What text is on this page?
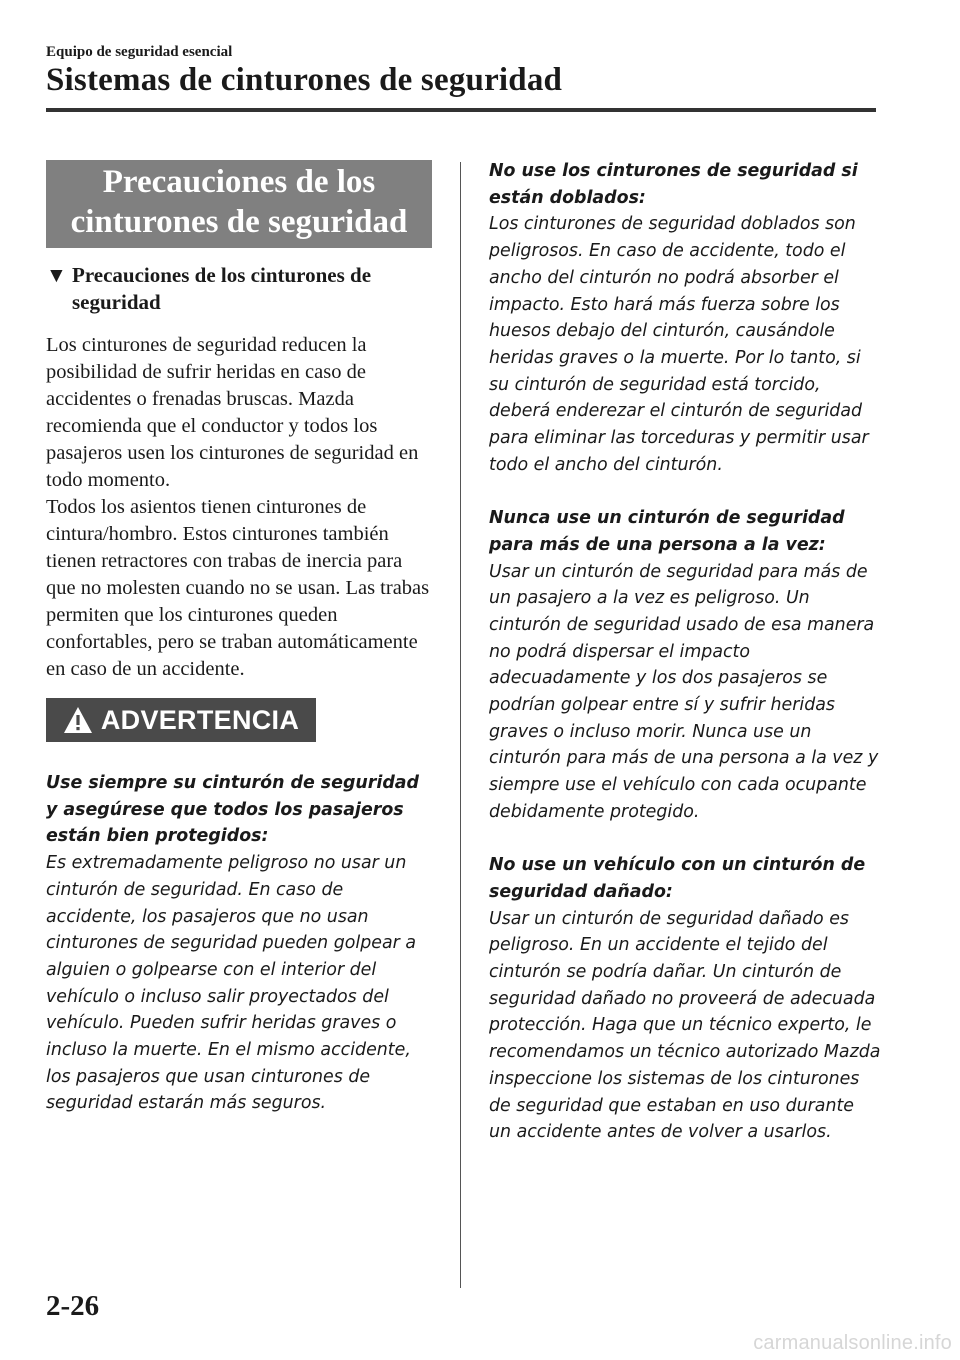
Equipo de seguridad esencial
Sistemas de cinturones de seguridad
Precauciones de los
cinturones de seguridad
▼ Precauciones de los cinturones de seguridad

Los cinturones de seguridad reducen la posibilidad de sufrir heridas en caso de accidentes o frenadas bruscas. Mazda recomienda que el conductor y todos los pasajeros usen los cinturones de seguridad en todo momento.

Todos los asientos tienen cinturones de cintura/hombro. Estos cinturones también tienen retractores con trabas de inercia para que no molesten cuando no se usan. Las trabas permiten que los cinturones queden confortables, pero se traban automáticamente en caso de un accidente.

ADVERTENCIA
Use siempre su cinturón de seguridad y asegúrese que todos los pasajeros están bien protegidos:
Es extremadamente peligroso no usar un cinturón de seguridad. En caso de accidente, los pasajeros que no usan cinturones de seguridad pueden golpear a alguien o golpearse con el interior del vehículo o incluso salir proyectados del vehículo. Pueden sufrir heridas graves o incluso la muerte. En el mismo accidente, los pasajeros que usan cinturones de seguridad estarán más seguros.
No use los cinturones de seguridad si están doblados:
Los cinturones de seguridad doblados son peligrosos. En caso de accidente, todo el ancho del cinturón no podrá absorber el impacto. Esto hará más fuerza sobre los huesos debajo del cinturón, causándole heridas graves o la muerte. Por lo tanto, si su cinturón de seguridad está torcido, deberá enderezar el cinturón de seguridad para eliminar las torceduras y permitir usar todo el ancho del cinturón.
Nunca use un cinturón de seguridad para más de una persona a la vez:
Usar un cinturón de seguridad para más de un pasajero a la vez es peligroso. Un cinturón de seguridad usado de esa manera no podrá dispersar el impacto adecuadamente y los dos pasajeros se podrían golpear entre sí y sufrir heridas graves o incluso morir. Nunca use un cinturón para más de una persona a la vez y siempre use el vehículo con cada ocupante debidamente protegido.
No use un vehículo con un cinturón de seguridad dañado:
Usar un cinturón de seguridad dañado es peligroso. En un accidente el tejido del cinturón se podría dañar. Un cinturón de seguridad dañado no proveerá de adecuada protección. Haga que un técnico experto, le recomendamos un técnico autorizado Mazda inspeccione los sistemas de los cinturones de seguridad que estaban en uso durante un accidente antes de volver a usarlos.
2-26
carmanualsonline.info
